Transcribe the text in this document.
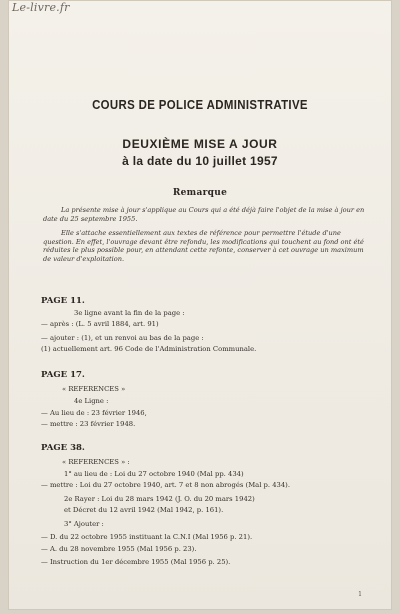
Le-livre.fr
COURS DE POLICE ADMINISTRATIVE
DEUXIÈME MISE A JOUR
à la date du 10 juillet 1957
Remarque
La présente mise à jour s'applique au Cours qui a été déjà faire l'objet de la mise à jour en date du 25 septembre 1955.
Elle s'attache essentiellement aux textes de référence pour permettre l'étude d'une question. En effet, l'ouvrage devant être refondu, les modifications qui touchent au fond ont été réduites le plus possible pour, en attendant cette refonte, conserver à cet ouvrage un maximum de valeur d'exploitation.
PAGE 11.
3e ligne avant la fin de la page :
— après : (L. 5 avril 1884, art. 91)
— ajouter : (1), et un renvoi au bas de la page :
(1) actuellement art. 96 Code de l'Administration Communale.
PAGE 17.
« REFERENCES »
4e Ligne :
— Au lieu de : 23 février 1946,
— mettre : 23 février 1948.
PAGE 38.
« REFERENCES » :
1° au lieu de : Loi du 27 octobre 1940 (Mal pp. 434)
— mettre : Loi du 27 octobre 1940, art. 7 et 8 non abrogés (Mal p. 434).
2e Rayer : Loi du 28 mars 1942 (J. O. du 20 mars 1942)
et Décret du 12 avril 1942 (Mal 1942, p. 161).
3° Ajouter :
— D. du 22 octobre 1955 instituant la C.N.I (Mal 1956 p. 21).
— A. du 28 novembre 1955 (Mal 1956 p. 23).
— Instruction du 1er décembre 1955 (Mal 1956 p. 25).
1
